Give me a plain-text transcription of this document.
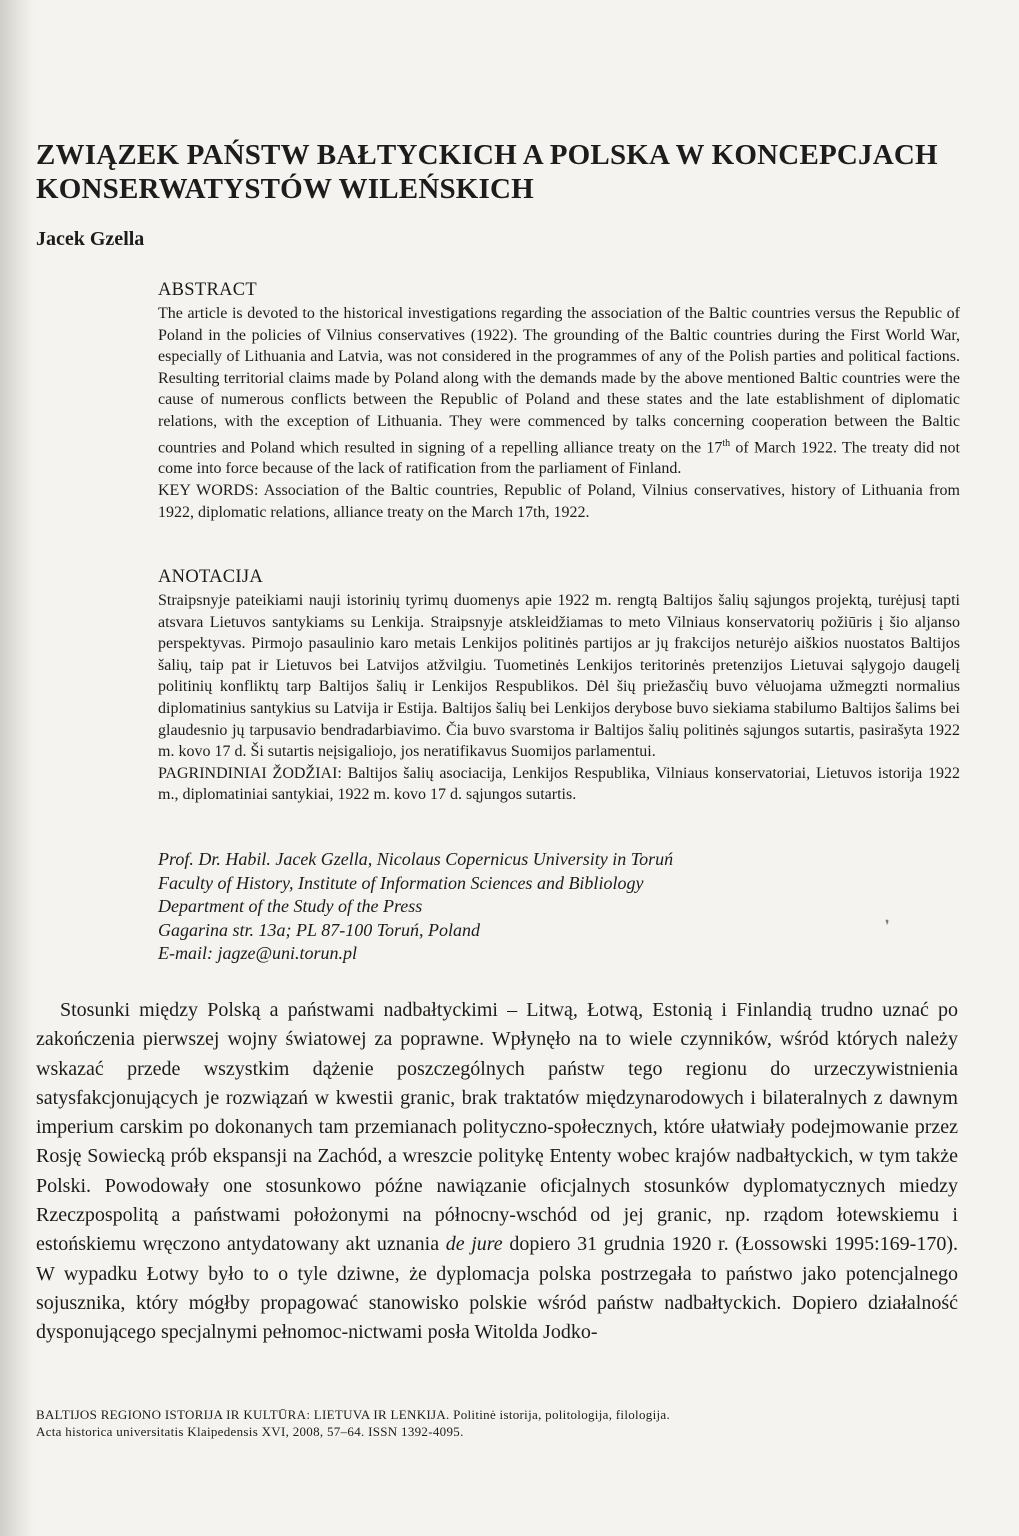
ZWIĄZEK PAŃSTW BAŁTYCKICH A POLSKA W KONCEPCJACH
KONSERWATYSTÓW WILEŃSKICH
Jacek Gzella
ABSTRACT

The article is devoted to the historical investigations regarding the association of the Baltic countries versus the Republic of Poland in the policies of Vilnius conservatives (1922). The grounding of the Baltic countries during the First World War, especially of Lithuania and Latvia, was not considered in the programmes of any of the Polish parties and political factions. Resulting territorial claims made by Poland along with the demands made by the above mentioned Baltic countries were the cause of numerous conflicts between the Republic of Poland and these states and the late establishment of diplomatic relations, with the exception of Lithuania. They were commenced by talks concerning cooperation between the Baltic countries and Poland which resulted in signing of a repelling alliance treaty on the 17th of March 1922. The treaty did not come into force because of the lack of ratification from the parliament of Finland.

KEY WORDS: Association of the Baltic countries, Republic of Poland, Vilnius conservatives, history of Lithuania from 1922, diplomatic relations, alliance treaty on the March 17th, 1922.

ANOTACIJA

Straipsnyje pateikiami nauji istorinių tyrimų duomenys apie 1922 m. rengtą Baltijos šalių sąjungos projektą, turėjusį tapti atsvara Lietuvos santykiams su Lenkija. Straipsnyje atskleidžiamas to meto Vilniaus konservatorių požiūris į šio aljanso perspektyvas. Pirmojo pasaulinio karo metais Lenkijos politinės partijos ar jų frakcijos neturėjo aiškios nuostatos Baltijos šalių, taip pat ir Lietuvos bei Latvijos atžvilgiu. Tuometinės Lenkijos teritorinės pretenzijos Lietuvai sąlygojo daugelį politinių konfliktų tarp Baltijos šalių ir Lenkijos Respublikos. Dėl šių priežasčių buvo vėluojama užmegzti normalius diplomatinius santykius su Latvija ir Estija. Baltijos šalių bei Lenkijos derybose buvo siekiama stabilumo Baltijos šalims bei glaudesnio jų tarpusavio bendradarbiavimo. Čia buvo svarstoma ir Baltijos šalių politinės sąjungos sutartis, pasirašyta 1922 m. kovo 17 d. Ši sutartis neįsigaliojo, jos neratifikavus Suomijos parlamentui.

PAGRINDINIAI ŽODŽIAI: Baltijos šalių asociacija, Lenkijos Respublika, Vilniaus konservatoriai, Lietuvos istorija 1922 m., diplomatiniai santykiai, 1922 m. kovo 17 d. sąjungos sutartis.

Prof. Dr. Habil. Jacek Gzella, Nicolaus Copernicus University in Toruń
Faculty of History, Institute of Information Sciences and Bibliology
Department of the Study of the Press
Gagarina str. 13a; PL 87-100 Toruń, Poland
E-mail: jagze@uni.torun.pl
❜

Stosunki między Polską a państwami nadbałtyckimi – Litwą, Łotwą, Estonią i Finlandią trudno uznać po zakończenia pierwszej wojny światowej za poprawne. Wpłynęło na to wiele czynników, wśród których należy wskazać przede wszystkim dążenie poszczególnych państw tego regionu do urzeczywistnienia satysfakcjonujących je rozwiązań w kwestii granic, brak traktatów międzynarodowych i bilateralnych z dawnym imperium carskim po dokonanych tam przemianach polityczno-społecznych, które ułatwiały podejmowanie przez Rosję Sowiecką prób ekspansji na Zachód, a wreszcie politykę Ententy wobec krajów nadbałtyckich, w tym także Polski. Powodowały one stosunkowo późne nawiązanie oficjalnych stosunków dyplomatycznych miedzy Rzeczpospolitą a państwami położonymi na północny-wschód od jej granic, np. rządom łotewskiemu i estońskiemu wręczono antydatowany akt uznania de jure dopiero 31 grudnia 1920 r. (Łossowski 1995:169-170). W wypadku Łotwy było to o tyle dziwne, że dyplomacja polska postrzegała to państwo jako potencjalnego sojusznika, który mógłby propagować stanowisko polskie wśród państw nadbałtyckich. Dopiero działalność dysponującego specjalnymi pełnomoc-nictwami posła Witolda Jodko-

BALTIJOS REGIONO ISTORIJA IR KULTŪRA: LIETUVA IR LENKIJA. Politinė istorija, politologija, filologija.
Acta historica universitatis Klaipedensis XVI, 2008, 57–64. ISSN 1392-4095.
